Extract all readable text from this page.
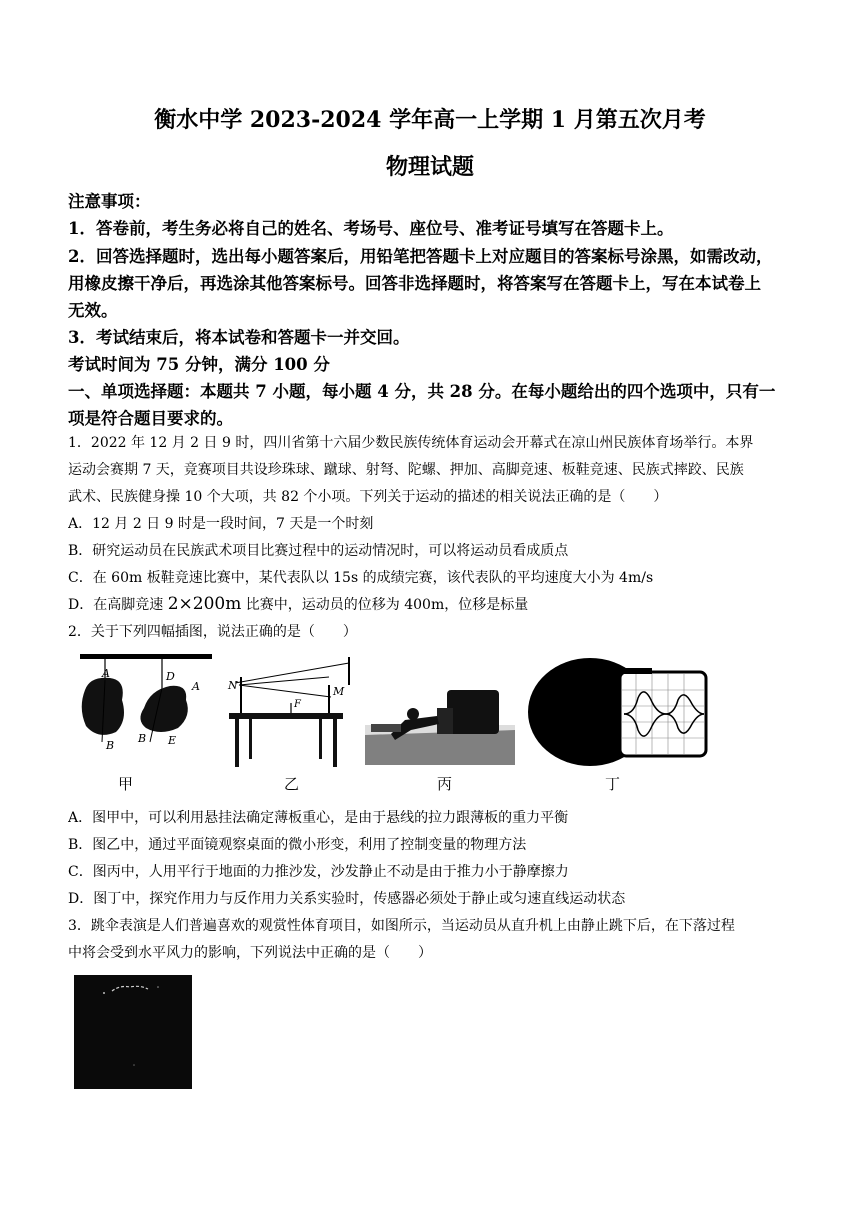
衡水中学 2023-2024 学年高一上学期 1 月第五次月考
物理试题
注意事项：
1．答卷前，考生务必将自己的姓名、考场号、座位号、准考证号填写在答题卡上。
2．回答选择题时，选出每小题答案后，用铅笔把答题卡上对应题目的答案标号涂黑，如需改动，
用橡皮擦干净后，再选涂其他答案标号。回答非选择题时，将答案写在答题卡上，写在本试卷上
无效。
3．考试结束后，将本试卷和答题卡一并交回。
考试时间为 75 分钟，满分 100 分
一、单项选择题：本题共 7 小题，每小题 4 分，共 28 分。在每小题给出的四个选项中，只有一
项是符合题目要求的。
1．2022 年 12 月 2 日 9 时，四川省第十六届少数民族传统体育运动会开幕式在凉山州民族体育场举行。本界
运动会赛期 7 天，竞赛项目共设珍珠球、蹴球、射弩、陀螺、押加、高脚竞速、板鞋竞速、民族式摔跤、民族
武术、民族健身操 10 个大项，共 82 个小项。下列关于运动的描述的相关说法正确的是（　　）
A．12 月 2 日 9 时是一段时间，7 天是一个时刻
B．研究运动员在民族武术项目比赛过程中的运动情况时，可以将运动员看成质点
C．在 60m 板鞋竞速比赛中，某代表队以 15s 的成绩完赛，该代表队的平均速度大小为 4m/s
D．在高脚竞速 2×200m 比赛中，运动员的位移为 400m，位移是标量
2．关于下列四幅插图，说法正确的是（　　）
A
B
D
A
B E
甲
N	M
F
乙	丙	丁
A．图甲中，可以利用悬挂法确定薄板重心，是由于悬线的拉力跟薄板的重力平衡
B．图乙中，通过平面镜观察桌面的微小形变，利用了控制变量的物理方法
C．图丙中，人用平行于地面的力推沙发，沙发静止不动是由于推力小于静摩擦力
D．图丁中，探究作用力与反作用力关系实验时，传感器必须处于静止或匀速直线运动状态
3．跳伞表演是人们普遍喜欢的观赏性体育项目，如图所示，当运动员从直升机上由静止跳下后，在下落过程
中将会受到水平风力的影响，下列说法中正确的是（　　）
